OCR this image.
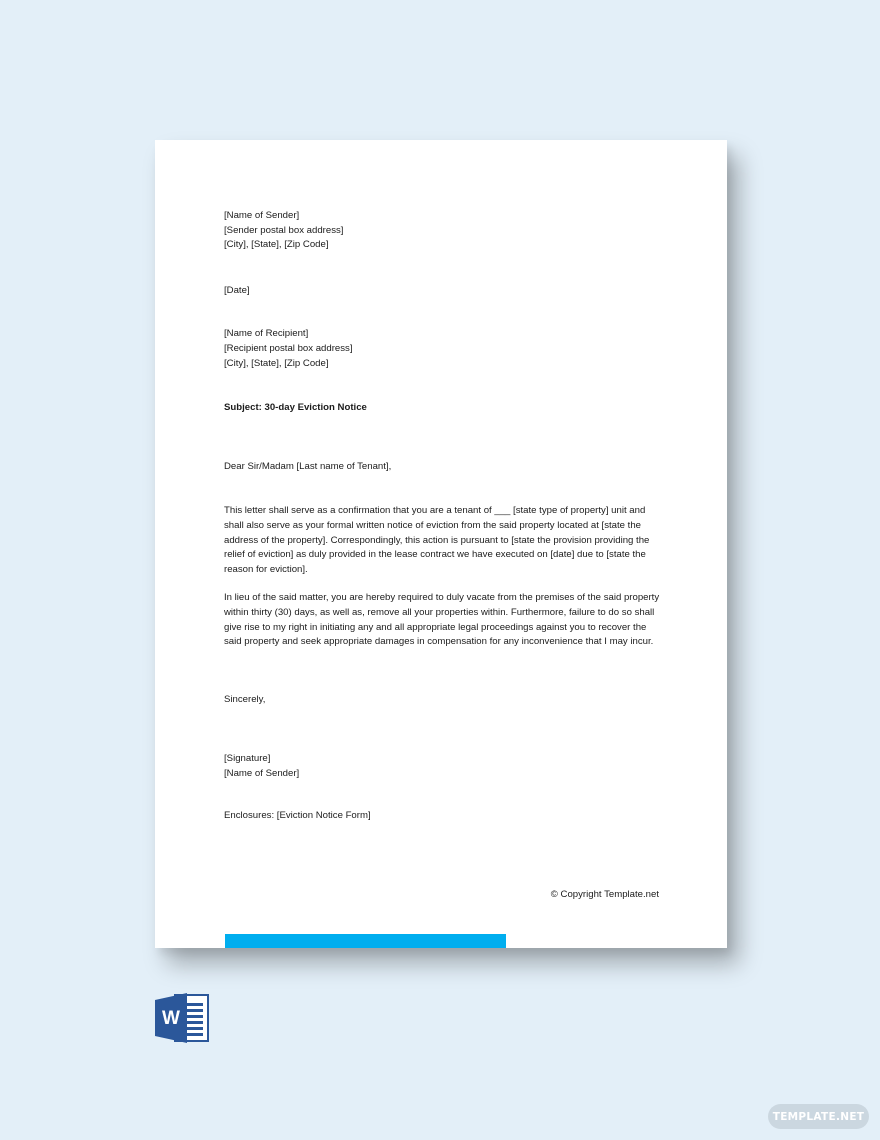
[Name of Sender]
[Sender postal box address]
[City], [State], [Zip Code]
[Date]
[Name of Recipient]
[Recipient postal box address]
[City], [State], [Zip Code]
Subject: 30-day Eviction Notice
Dear Sir/Madam [Last name of Tenant],
This letter shall serve as a confirmation that you are a tenant of ___ [state type of property] unit and shall also serve as your formal written notice of eviction from the said property located at [state the address of the property]. Correspondingly, this action is pursuant to [state the provision providing the relief of eviction] as duly provided in the lease contract we have executed on [date] due to [state the reason for eviction].
In lieu of the said matter, you are hereby required to duly vacate from the premises of the said property within thirty (30) days, as well as, remove all your properties within. Furthermore, failure to do so shall give rise to my right in initiating any and all appropriate legal proceedings against you to recover the said property and seek appropriate damages in compensation for any inconvenience that I may incur.
Sincerely,
[Signature]
[Name of Sender]
Enclosures: [Eviction Notice Form]
© Copyright Template.net
W
TEMPLATE.NET
